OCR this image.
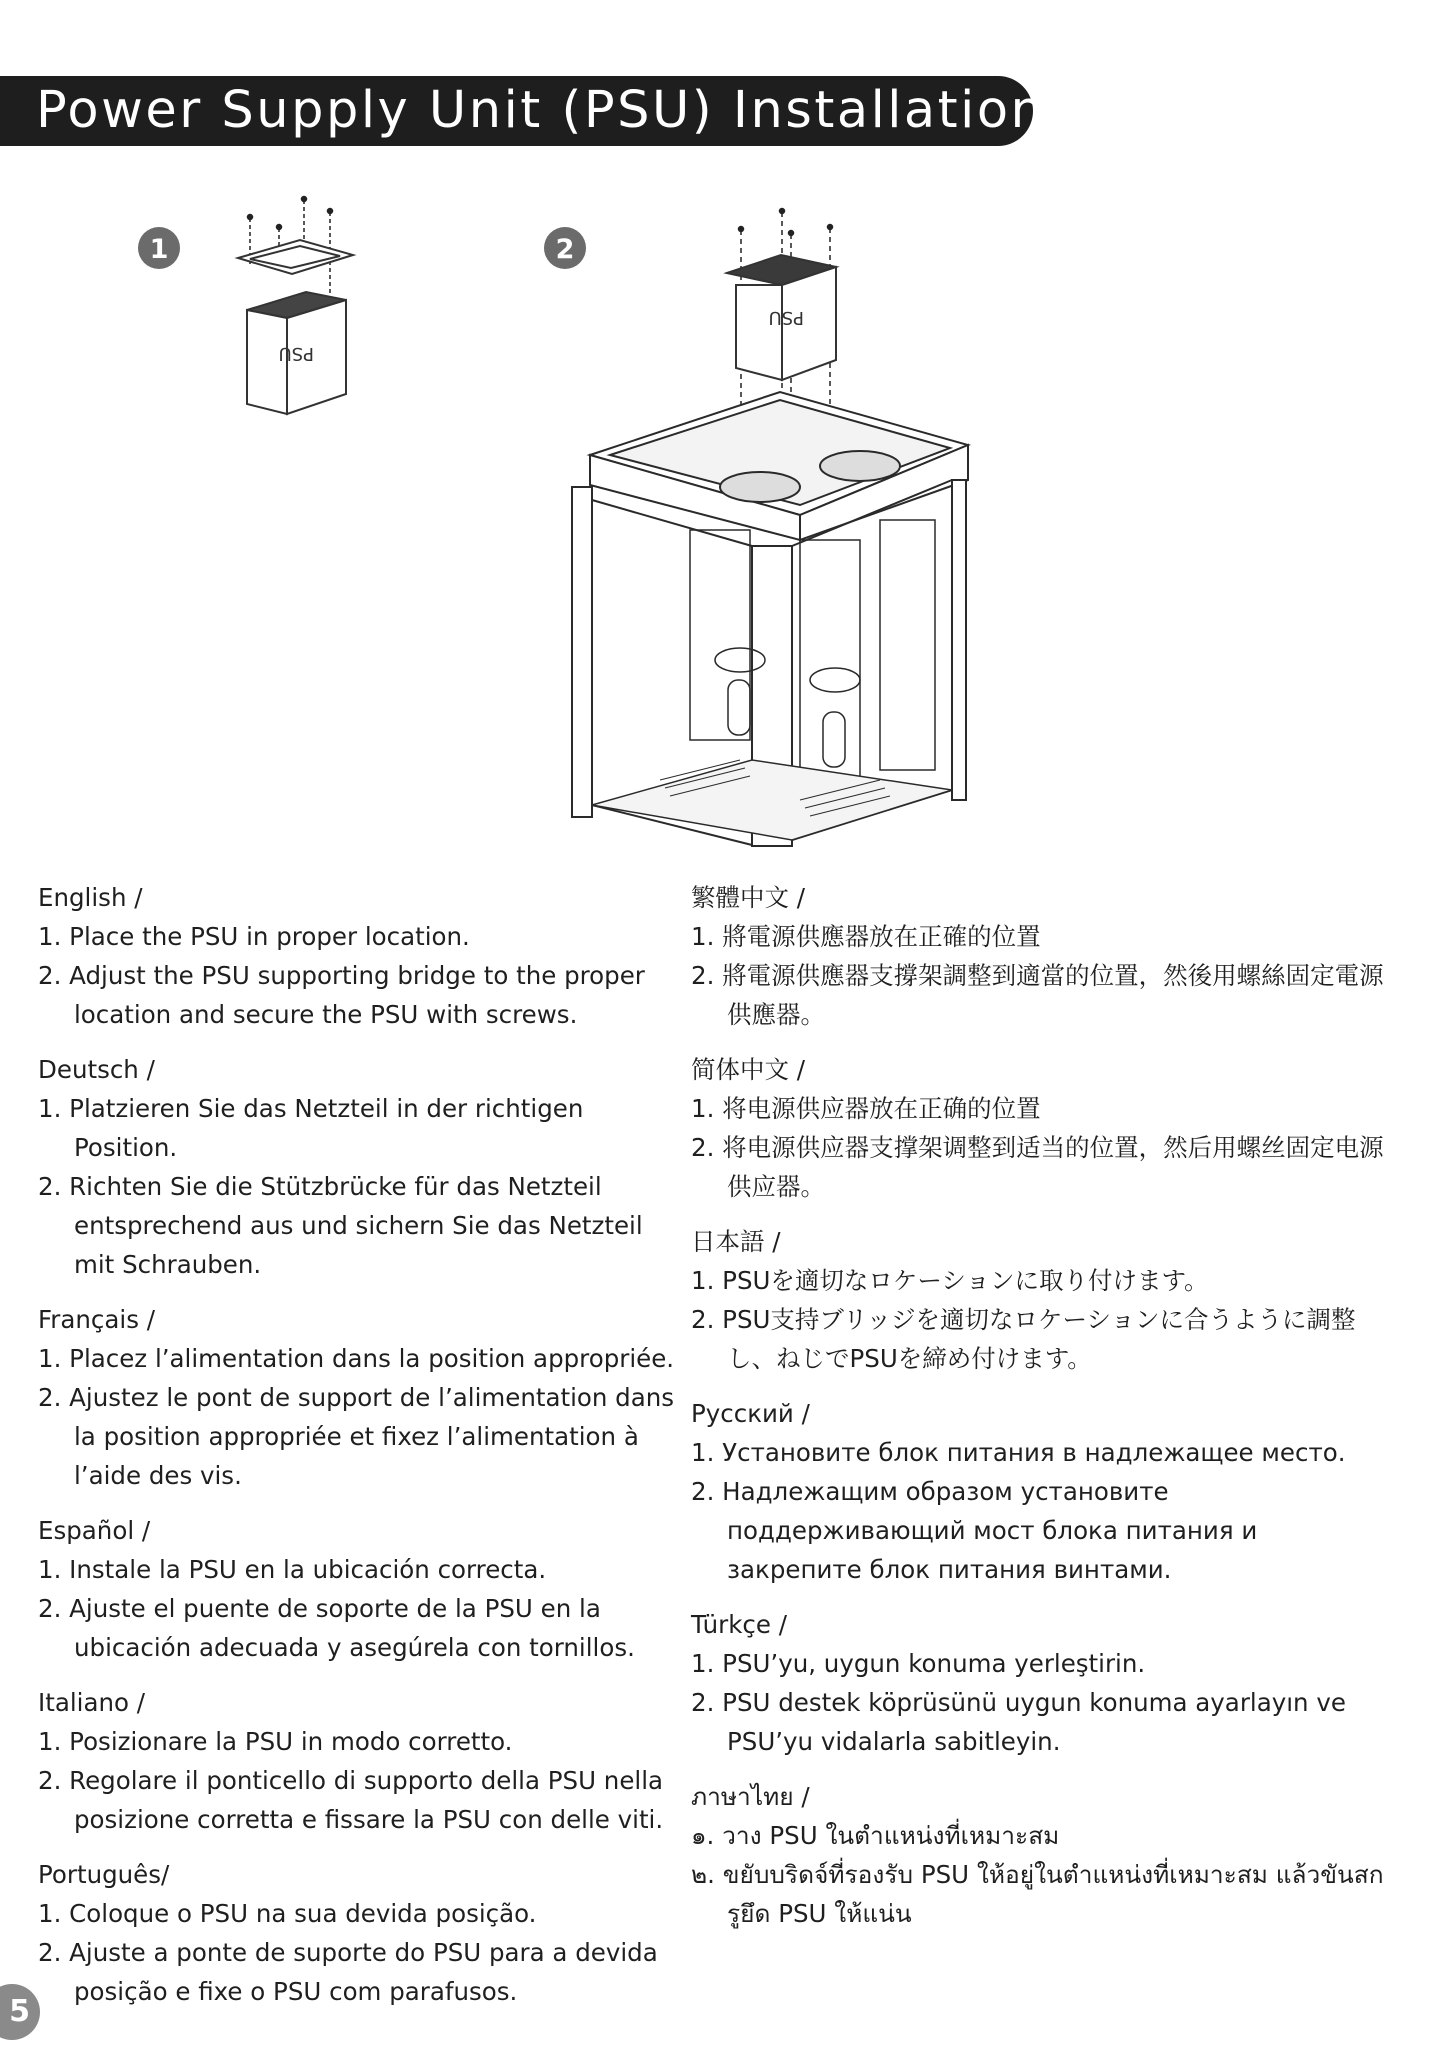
Power Supply Unit (PSU) Installation
1
PSU
2
PSU
English /
1. Place the PSU in proper location.
2. Adjust the PSU supporting bridge to the proper location and secure the PSU with screws.
Deutsch /
1. Platzieren Sie das Netzteil in der richtigen Position.
2. Richten Sie die Stützbrücke für das Netzteil entsprechend aus und sichern Sie das Netzteil mit Schrauben.
Français /
1. Placez l’alimentation dans la position appropriée.
2. Ajustez le pont de support de l’alimentation dans la position appropriée et fixez l’alimentation à l’aide des vis.
Español /
1. Instale la PSU en la ubicación correcta.
2. Ajuste el puente de soporte de la PSU en la ubicación adecuada y asegúrela con tornillos.
Italiano /
1. Posizionare la PSU in modo corretto.
2. Regolare il ponticello di supporto della PSU nella posizione corretta e fissare la PSU con delle viti.
Português/
1. Coloque o PSU na sua devida posição.
2. Ajuste a ponte de suporte do PSU para a devida posição e fixe o PSU com parafusos.
繁體中文 /
1. 將電源供應器放在正確的位置
2. 將電源供應器支撐架調整到適當的位置，然後用螺絲固定電源供應器。
简体中文 /
1. 将电源供应器放在正确的位置
2. 将电源供应器支撑架调整到适当的位置，然后用螺丝固定电源供应器。
日本語 /
1. PSUを適切なロケーションに取り付けます。
2. PSU支持ブリッジを適切なロケーションに合うように調整し、ねじでPSUを締め付けます。
Русский /
1. Установите блок питания в надлежащее место.
2. Надлежащим образом установите поддерживающий мост блока питания и закрепите блок питания винтами.
Türkçe /
1. PSU’yu, uygun konuma yerleştirin.
2. PSU destek köprüsünü uygun konuma ayarlayın ve PSU’yu vidalarla sabitleyin.
ภาษาไทย /
๑. วาง PSU ในตำแหน่งที่เหมาะสม
๒. ขยับบริดจ์ที่รองรับ PSU ให้อยู่ในตำแหน่งที่เหมาะสม แล้วขันสกรูยึด PSU ให้แน่น
5
